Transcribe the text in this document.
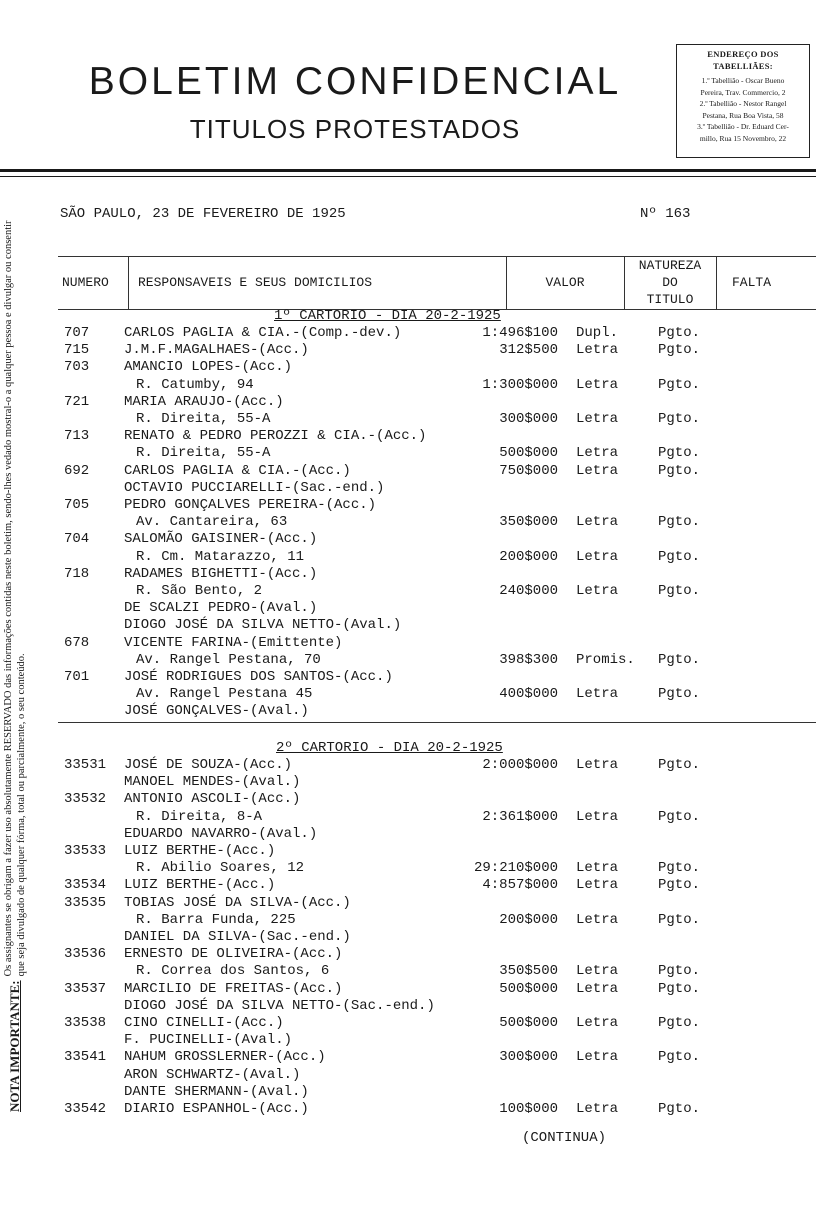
BOLETIM CONFIDENCIAL
TITULOS PROTESTADOS
ENDEREÇO DOS TABELLIÃES:
1.º Tabellião - Oscar Bueno
Pereira, Trav. Commercio, 2
2.º Tabellião - Nestor Rangel
Pestana, Rua Boa Vista, 58
3.º Tabellião - Dr. Eduard Cer-
millo, Rua 15 Novembro, 22
SÃO PAULO, 23 DE FEVEREIRO DE 1925	Nº 163
NOTA IMPORTANTE:
Os assignantes se obrigam a fazer uso absolutamente RESERVADO das informações contidas neste boletim, sendo-lhes vedado mostral-o a qualquer pessoa e divulgar ou consentir que seja divulgado de qualquer fórma, total ou parcialmente, o seu conteúdo.
NUMERO RESPONSAVEIS E SEUS DOMICILIOS	VALOR
NATUREZA
DO
TITULO
FALTA
1º CARTORIO - DIA 20-2-1925
707 CARLOS PAGLIA & CIA.-(Comp.-dev.)	1:496$100 Dupl.	Pgto.
715 J.M.F.MAGALHAES-(Acc.)	312$500 Letra	Pgto.
703 AMANCIO LOPES-(Acc.)
R. Catumby, 94	1:300$000 Letra	Pgto.
721 MARIA ARAUJO-(Acc.)
R. Direita, 55-A	300$000 Letra	Pgto.
713 RENATO & PEDRO PEROZZI & CIA.-(Acc.)
R. Direita, 55-A	500$000 Letra	Pgto.
692 CARLOS PAGLIA & CIA.-(Acc.)	750$000 Letra	Pgto.
OCTAVIO PUCCIARELLI-(Sac.-end.)
705 PEDRO GONÇALVES PEREIRA-(Acc.)
Av. Cantareira, 63	350$000 Letra	Pgto.
704 SALOMÃO GAISINER-(Acc.)
R. Cm. Matarazzo, 11	200$000 Letra	Pgto.
718 RADAMES BIGHETTI-(Acc.)
R. São Bento, 2	240$000 Letra	Pgto.
DE SCALZI PEDRO-(Aval.)
DIOGO JOSÉ DA SILVA NETTO-(Aval.)
678 VICENTE FARINA-(Emittente)
Av. Rangel Pestana, 70	398$300 Promis. Pgto.
701 JOSÉ RODRIGUES DOS SANTOS-(Acc.)
Av. Rangel Pestana 45	400$000 Letra	Pgto.
JOSÉ GONÇALVES-(Aval.)
2º CARTORIO - DIA 20-2-1925
33531 JOSÉ DE SOUZA-(Acc.)	2:000$000 Letra	Pgto.
MANOEL MENDES-(Aval.)
33532 ANTONIO ASCOLI-(Acc.)
R. Direita, 8-A	2:361$000 Letra	Pgto.
EDUARDO NAVARRO-(Aval.)
33533 LUIZ BERTHE-(Acc.)
R. Abilio Soares, 12	29:210$000 Letra	Pgto.
33534 LUIZ BERTHE-(Acc.)	4:857$000 Letra	Pgto.
33535 TOBIAS JOSÉ DA SILVA-(Acc.)
R. Barra Funda, 225	200$000 Letra	Pgto.
DANIEL DA SILVA-(Sac.-end.)
33536 ERNESTO DE OLIVEIRA-(Acc.)
R. Correa dos Santos, 6	350$500 Letra	Pgto.
33537 MARCILIO DE FREITAS-(Acc.)	500$000 Letra	Pgto.
DIOGO JOSÉ DA SILVA NETTO-(Sac.-end.)
33538 CINO CINELLI-(Acc.)	500$000 Letra	Pgto.
F. PUCINELLI-(Aval.)
33541 NAHUM GROSSLERNER-(Acc.)	300$000 Letra	Pgto.
ARON SCHWARTZ-(Aval.)
DANTE SHERMANN-(Aval.)
33542 DIARIO ESPANHOL-(Acc.)	100$000 Letra	Pgto.
(CONTINUA)
